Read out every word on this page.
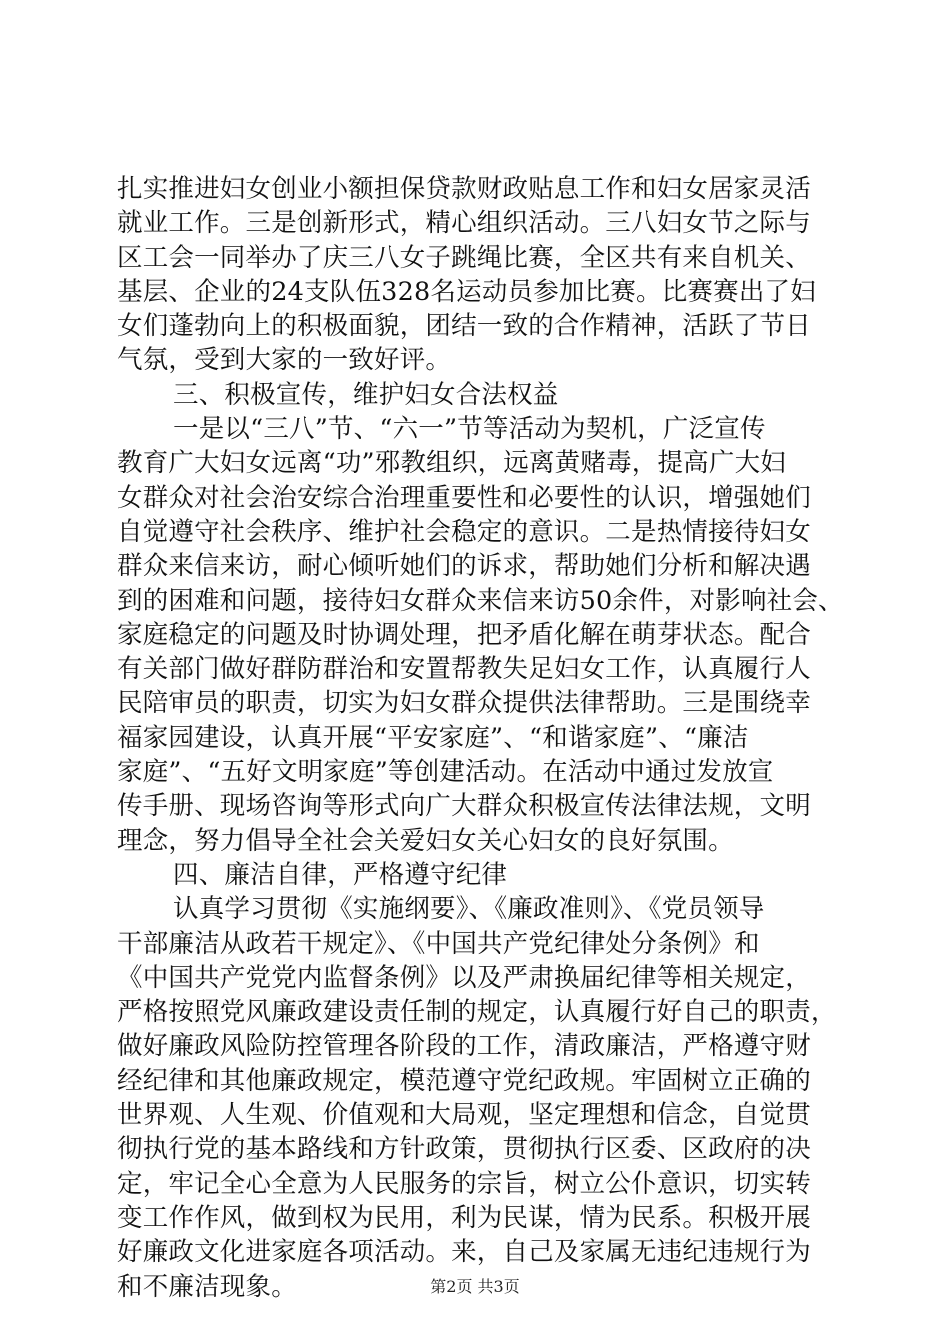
扎实推进妇女创业小额担保贷款财政贴息工作和妇女居家灵活
就业工作。三是创新形式，精心组织活动。三八妇女节之际与
区工会一同举办了庆三八女子跳绳比赛，全区共有来自机关、
基层、企业的24支队伍328名运动员参加比赛。比赛赛出了妇
女们蓬勃向上的积极面貌，团结一致的合作精神，活跃了节日
气氛，受到大家的一致好评。
三、积极宣传，维护妇女合法权益
一是以“三八”节、“六一”节等活动为契机，广泛宣传
教育广大妇女远离“功”邪教组织，远离黄赌毒，提高广大妇
女群众对社会治安综合治理重要性和必要性的认识，增强她们
自觉遵守社会秩序、维护社会稳定的意识。二是热情接待妇女
群众来信来访，耐心倾听她们的诉求，帮助她们分析和解决遇
到的困难和问题，接待妇女群众来信来访50余件，对影响社会、
家庭稳定的问题及时协调处理，把矛盾化解在萌芽状态。配合
有关部门做好群防群治和安置帮教失足妇女工作，认真履行人
民陪审员的职责，切实为妇女群众提供法律帮助。三是围绕幸
福家园建设，认真开展“平安家庭”、“和谐家庭”、“廉洁
家庭”、“五好文明家庭”等创建活动。在活动中通过发放宣
传手册、现场咨询等形式向广大群众积极宣传法律法规，文明
理念，努力倡导全社会关爱妇女关心妇女的良好氛围。
四、廉洁自律，严格遵守纪律
认真学习贯彻《实施纲要》、《廉政准则》、《党员领导
干部廉洁从政若干规定》、《中国共产党纪律处分条例》和
《中国共产党党内监督条例》以及严肃换届纪律等相关规定，
严格按照党风廉政建设责任制的规定，认真履行好自己的职责，
做好廉政风险防控管理各阶段的工作，清政廉洁，严格遵守财
经纪律和其他廉政规定，模范遵守党纪政规。牢固树立正确的
世界观、人生观、价值观和大局观，坚定理想和信念，自觉贯
彻执行党的基本路线和方针政策，贯彻执行区委、区政府的决
定，牢记全心全意为人民服务的宗旨，树立公仆意识，切实转
变工作作风，做到权为民用，利为民谋，情为民系。积极开展
好廉政文化进家庭各项活动。来，自己及家属无违纪违规行为
和不廉洁现象。	第2页 共3页
